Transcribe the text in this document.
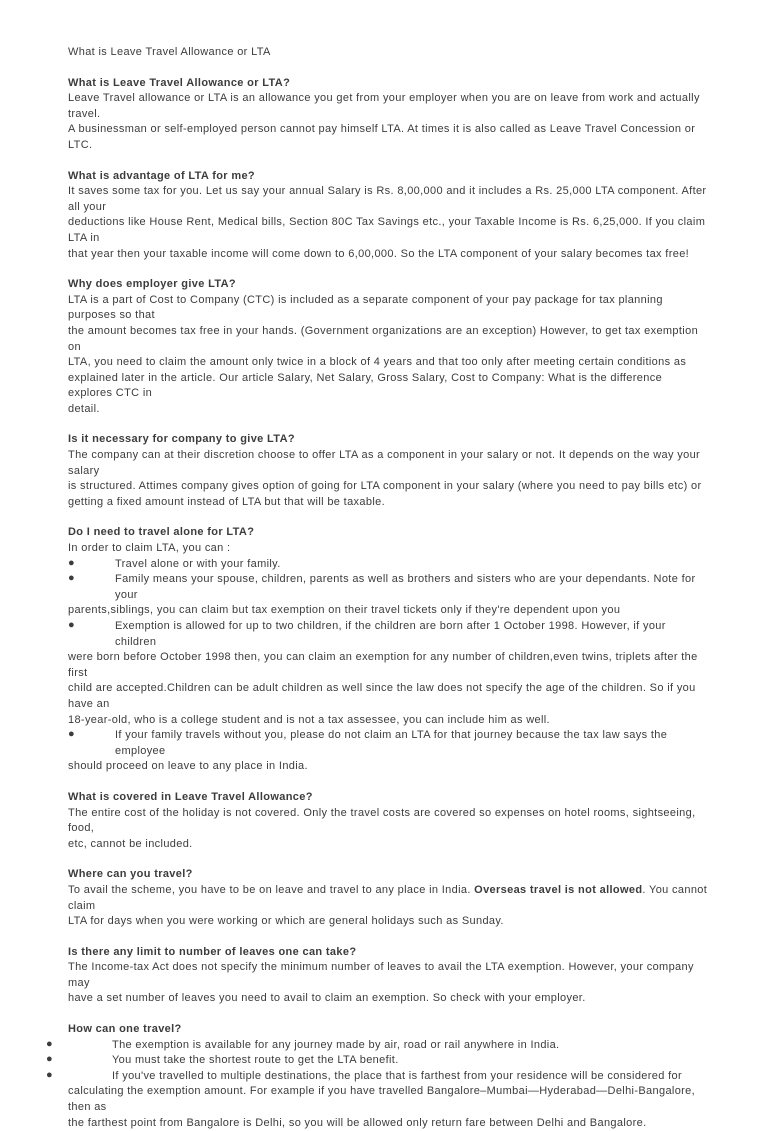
What is Leave Travel Allowance or LTA

What is Leave Travel Allowance or LTA?

Leave Travel allowance or LTA is an allowance you get from your employer when you are on leave from work and actually travel.

A businessman or self-employed person cannot pay himself LTA. At times it is also called as Leave Travel Concession or LTC.

What is advantage of LTA for me?

It saves some tax for you. Let us say your annual Salary is Rs. 8,00,000 and it includes a Rs. 25,000 LTA component. After all your

deductions like House Rent, Medical bills, Section 80C Tax Savings etc., your Taxable Income is Rs. 6,25,000. If you claim LTA in

that year then your taxable income will come down to 6,00,000. So the LTA component of your salary becomes tax free!

Why does employer give LTA?

LTA is a part of Cost to Company (CTC) is included as a separate component of your pay package for tax planning purposes so that

the amount becomes tax free in your hands. (Government organizations are an exception) However, to get tax exemption on

LTA, you need to claim the amount only twice in a block of 4 years and that too only after meeting certain conditions as

explained later in the article. Our article Salary, Net Salary, Gross Salary, Cost to Company: What is the difference explores CTC in

detail.

Is it necessary for company to give LTA?

The company can at their discretion choose to offer LTA as a component in your salary or not. It depends on the way your salary

is structured. Attimes company gives option of going for LTA component in your salary (where you need to pay bills etc) or

getting a fixed amount instead of LTA but that will be taxable.

Do I need to travel alone for LTA?

In order to claim LTA, you can :

●	Travel alone or with your family.

●	Family means your spouse, children, parents as well as brothers and sisters who are your dependants. Note for your

parents,siblings, you can claim but tax exemption on their travel tickets only if they're dependent upon you

●	Exemption is allowed for up to two children, if the children are born after 1 October 1998. However, if your children

were born before October 1998 then, you can claim an exemption for any number of children,even twins, triplets after the first

child are accepted.Children can be adult children as well since the law does not specify the age of the children. So if you have an

18-year-old, who is a college student and is not a tax assessee, you can include him as well.

●	If your family travels without you, please do not claim an LTA for that journey because the tax law says the employee

should proceed on leave to any place in India.

What is covered in Leave Travel Allowance?

The entire cost of the holiday is not covered. Only the travel costs are covered so expenses on hotel rooms, sightseeing, food,

etc, cannot be included.

Where can you travel?

To avail the scheme, you have to be on leave and travel to any place in India. Overseas travel is not allowed. You cannot claim

LTA for days when you were working or which are general holidays such as Sunday.

Is there any limit to number of leaves one can take?

The Income-tax Act does not specify the minimum number of leaves to avail the LTA exemption. However, your company may

have a set number of leaves you need to avail to claim an exemption. So check with your employer.

How can one travel?

●	The exemption is available for any journey made by air, road or rail anywhere in India.

●	You must take the shortest route to get the LTA benefit.

●	If you've travelled to multiple destinations, the place that is farthest from your residence will be considered for

calculating the exemption amount. For example if you have travelled Bangalore–Mumbai—Hyderabad—Delhi-Bangalore, then as

the farthest point from Bangalore is Delhi, so you will be allowed only return fare between Delhi and Bangalore.
